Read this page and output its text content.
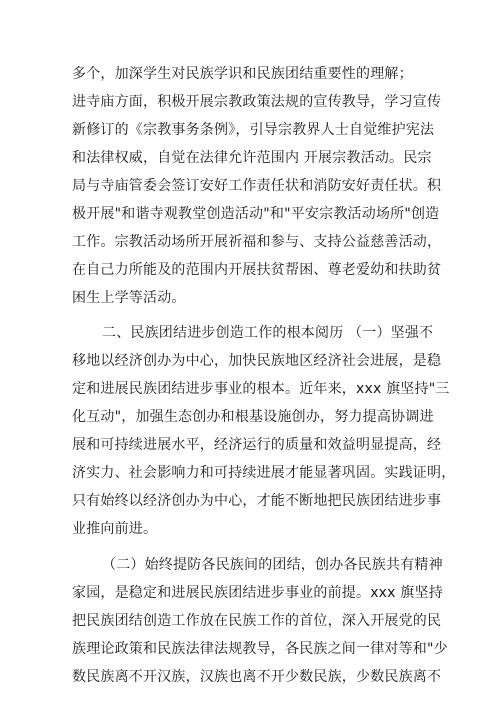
多个，加深学生对民族学识和民族团结重要性的理解；
进寺庙方面，积极开展宗教政策法规的宣传教导，学习宣传
新修订的《宗教事务条例》，引导宗教界人士自觉维护宪法
和法律权威，自觉在法律允许范围内 开展宗教活动。民宗
局与寺庙管委会签订安好工作责任状和消防安好责任状。积
极开展"和谐寺观教堂创造活动"和"平安宗教活动场所"创造
工作。宗教活动场所开展祈福和参与、支持公益慈善活动，
在自己力所能及的范围内开展扶贫帮困、尊老爱幼和扶助贫
困生上学等活动。
二、民族团结进步创造工作的根本阅历 （一）坚强不
移地以经济创办为中心，加快民族地区经济社会进展，是稳
定和进展民族团结进步事业的根本。近年来，xxx 旗坚持"三
化互动"，加强生态创办和根基设施创办，努力提高协调进
展和可持续进展水平，经济运行的质量和效益明显提高，经
济实力、社会影响力和可持续进展才能显著巩固。实践证明，
只有始终以经济创办为中心，才能不断地把民族团结进步事
业推向前进。
（二）始终提防各民族间的团结，创办各民族共有精神
家园，是稳定和进展民族团结进步事业的前提。xxx 旗坚持
把民族团结创造工作放在民族工作的首位，深入开展党的民
族理论政策和民族法律法规教导，各民族之间一律对等和"少
数民族离不开汉族，汉族也离不开少数民族，少数民族离不
